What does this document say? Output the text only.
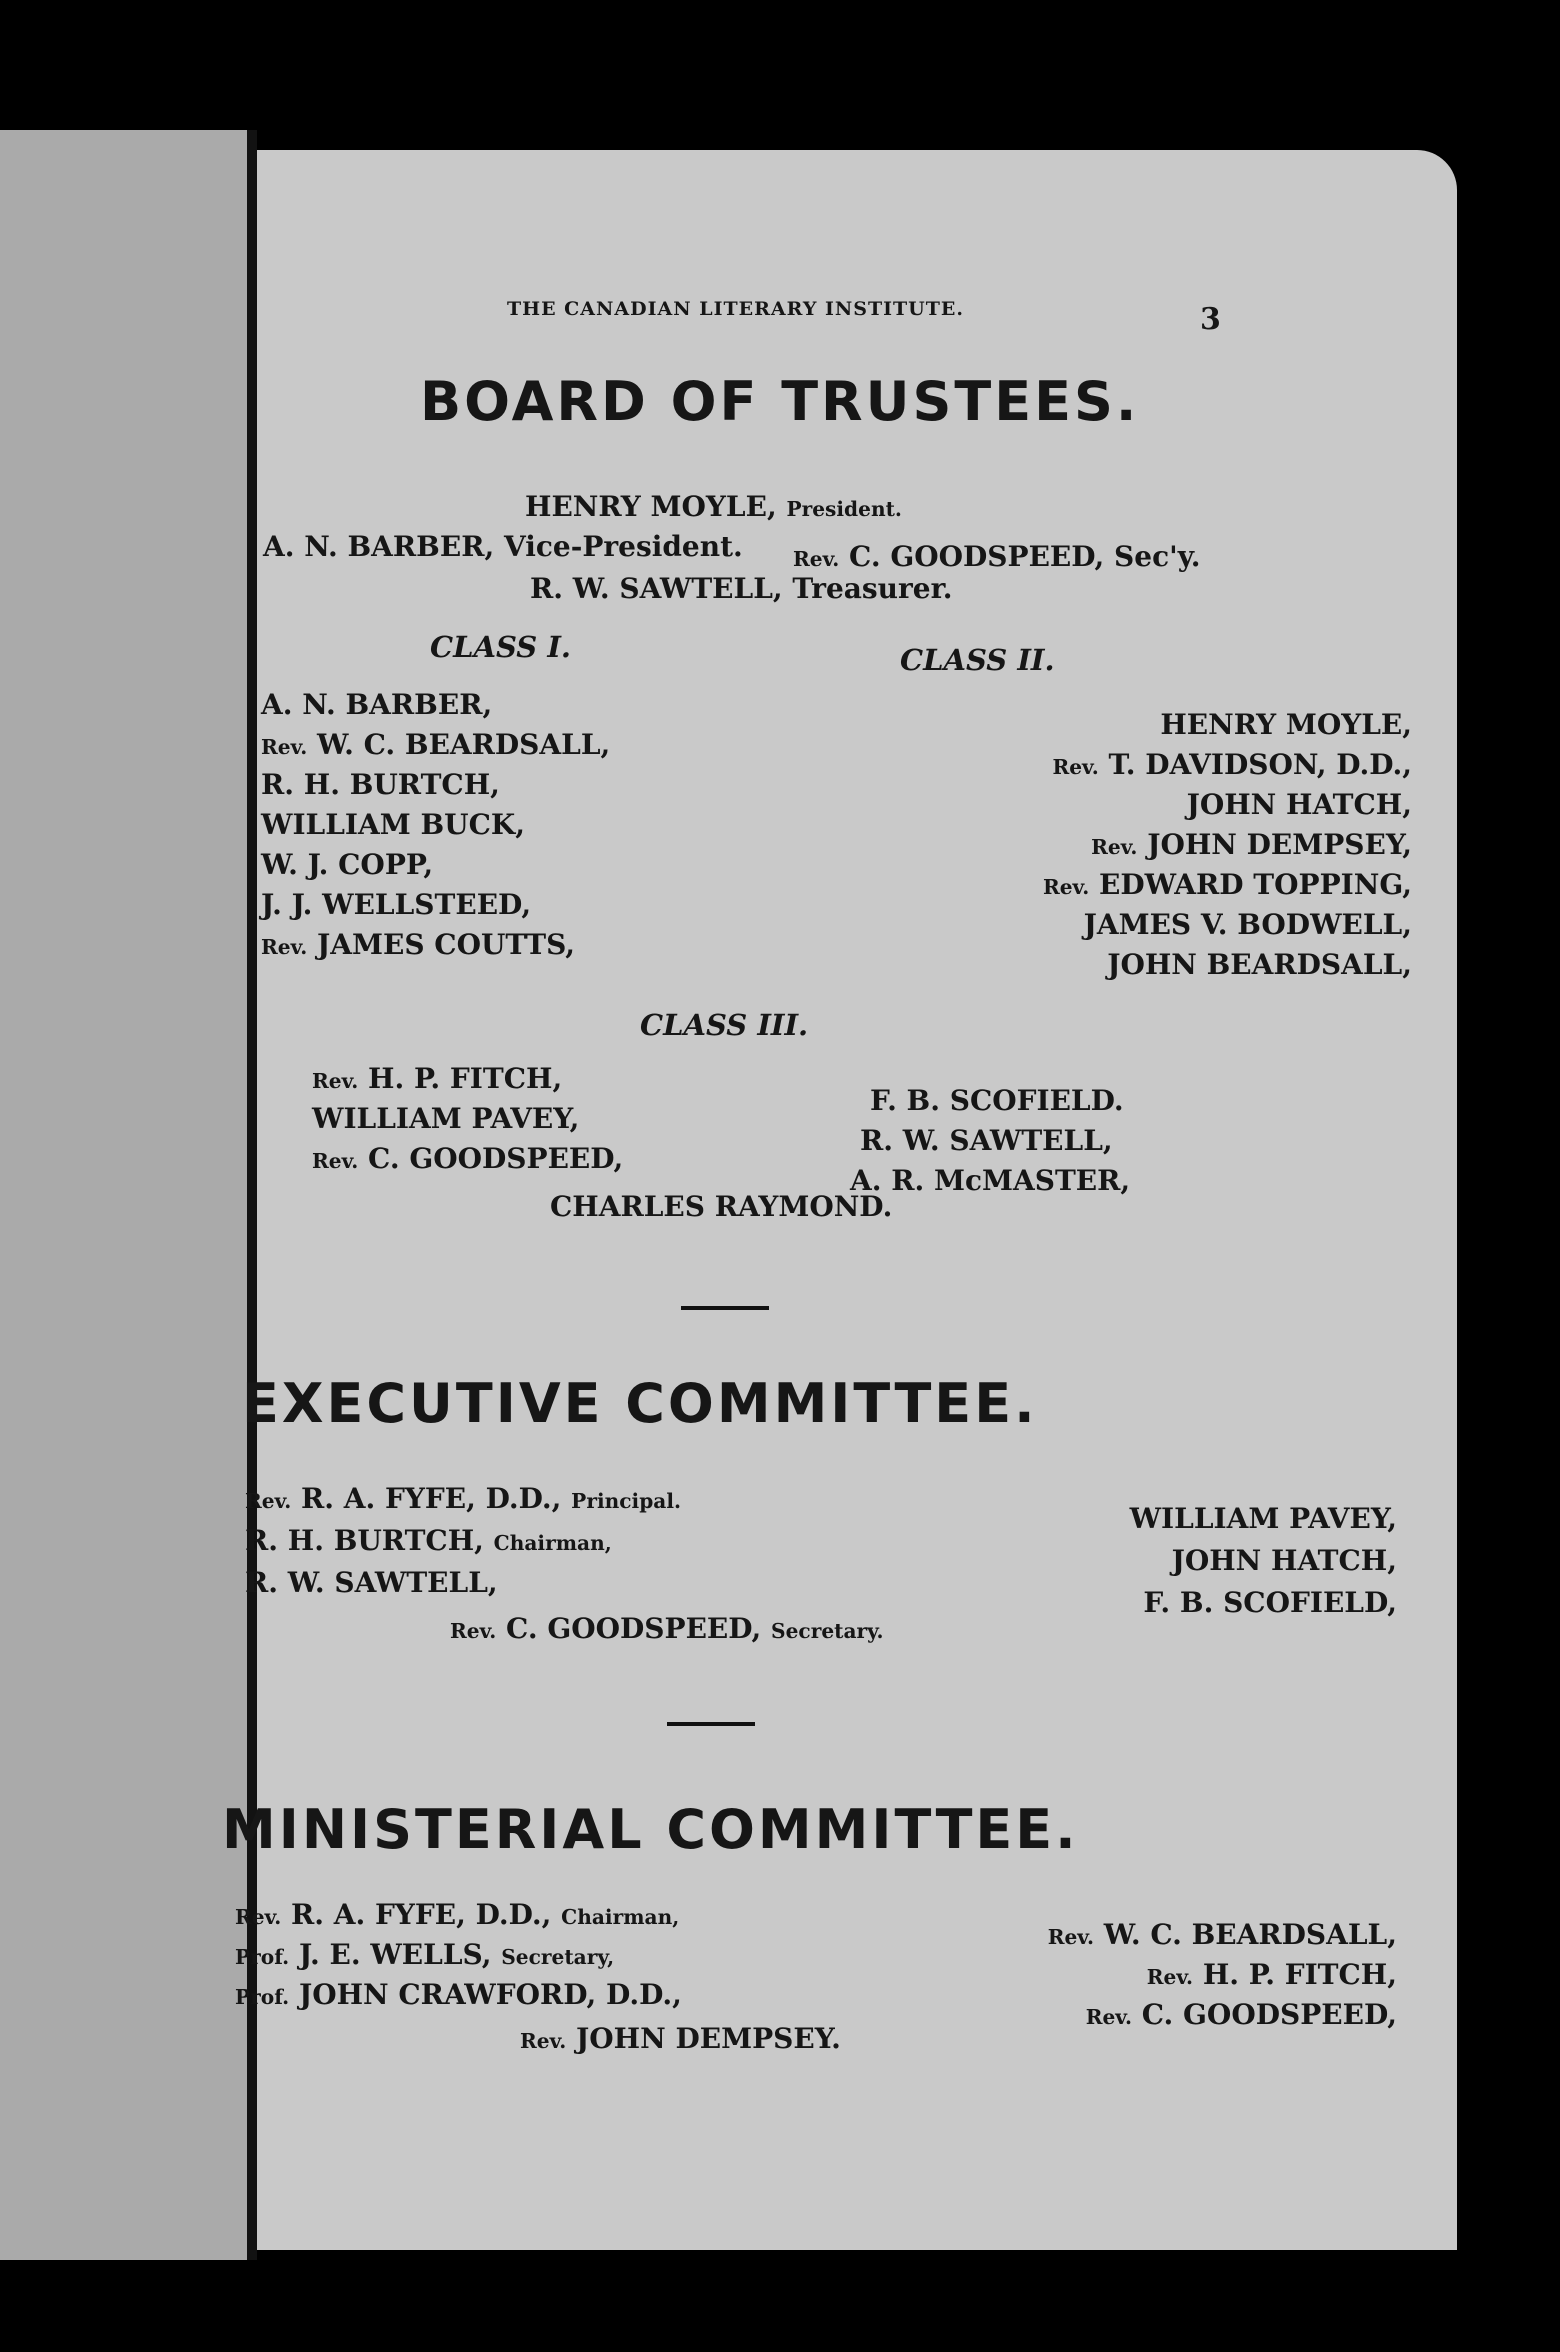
THE CANADIAN LITERARY INSTITUTE.	3
BOARD OF TRUSTEES.
HENRY MOYLE, President.
A. N. BARBER, Vice-President. Rev. C. GOODSPEED, Sec'y.
R. W. SAWTELL, Treasurer.
CLASS I.	CLASS II.
A. N. BARBER,
Rev. W. C. BEARDSALL,
R. H. BURTCH,
WILLIAM BUCK,
W. J. COPP,
J. J. WELLSTEED,
Rev. JAMES COUTTS,
HENRY MOYLE,
Rev. T. DAVIDSON, D.D.,
JOHN HATCH,
Rev. JOHN DEMPSEY,
Rev. EDWARD TOPPING,
JAMES V. BODWELL,
JOHN BEARDSALL,
CLASS III.
Rev. H. P. FITCH,
WILLIAM PAVEY,
Rev. C. GOODSPEED,
F. B. SCOFIELD.
R. W. SAWTELL,
A. R. McMASTER,
CHARLES RAYMOND.
EXECUTIVE COMMITTEE.
Rev. R. A. FYFE, D.D., Principal.
R. H. BURTCH, Chairman,
R. W. SAWTELL,
WILLIAM PAVEY,
JOHN HATCH,
F. B. SCOFIELD,
Rev. C. GOODSPEED, Secretary.
MINISTERIAL COMMITTEE.
Rev. R. A. FYFE, D.D., Chairman,
Prof. J. E. WELLS, Secretary,
Prof. JOHN CRAWFORD, D.D.,
Rev. W. C. BEARDSALL,
Rev. H. P. FITCH,
Rev. C. GOODSPEED,
Rev. JOHN DEMPSEY.
